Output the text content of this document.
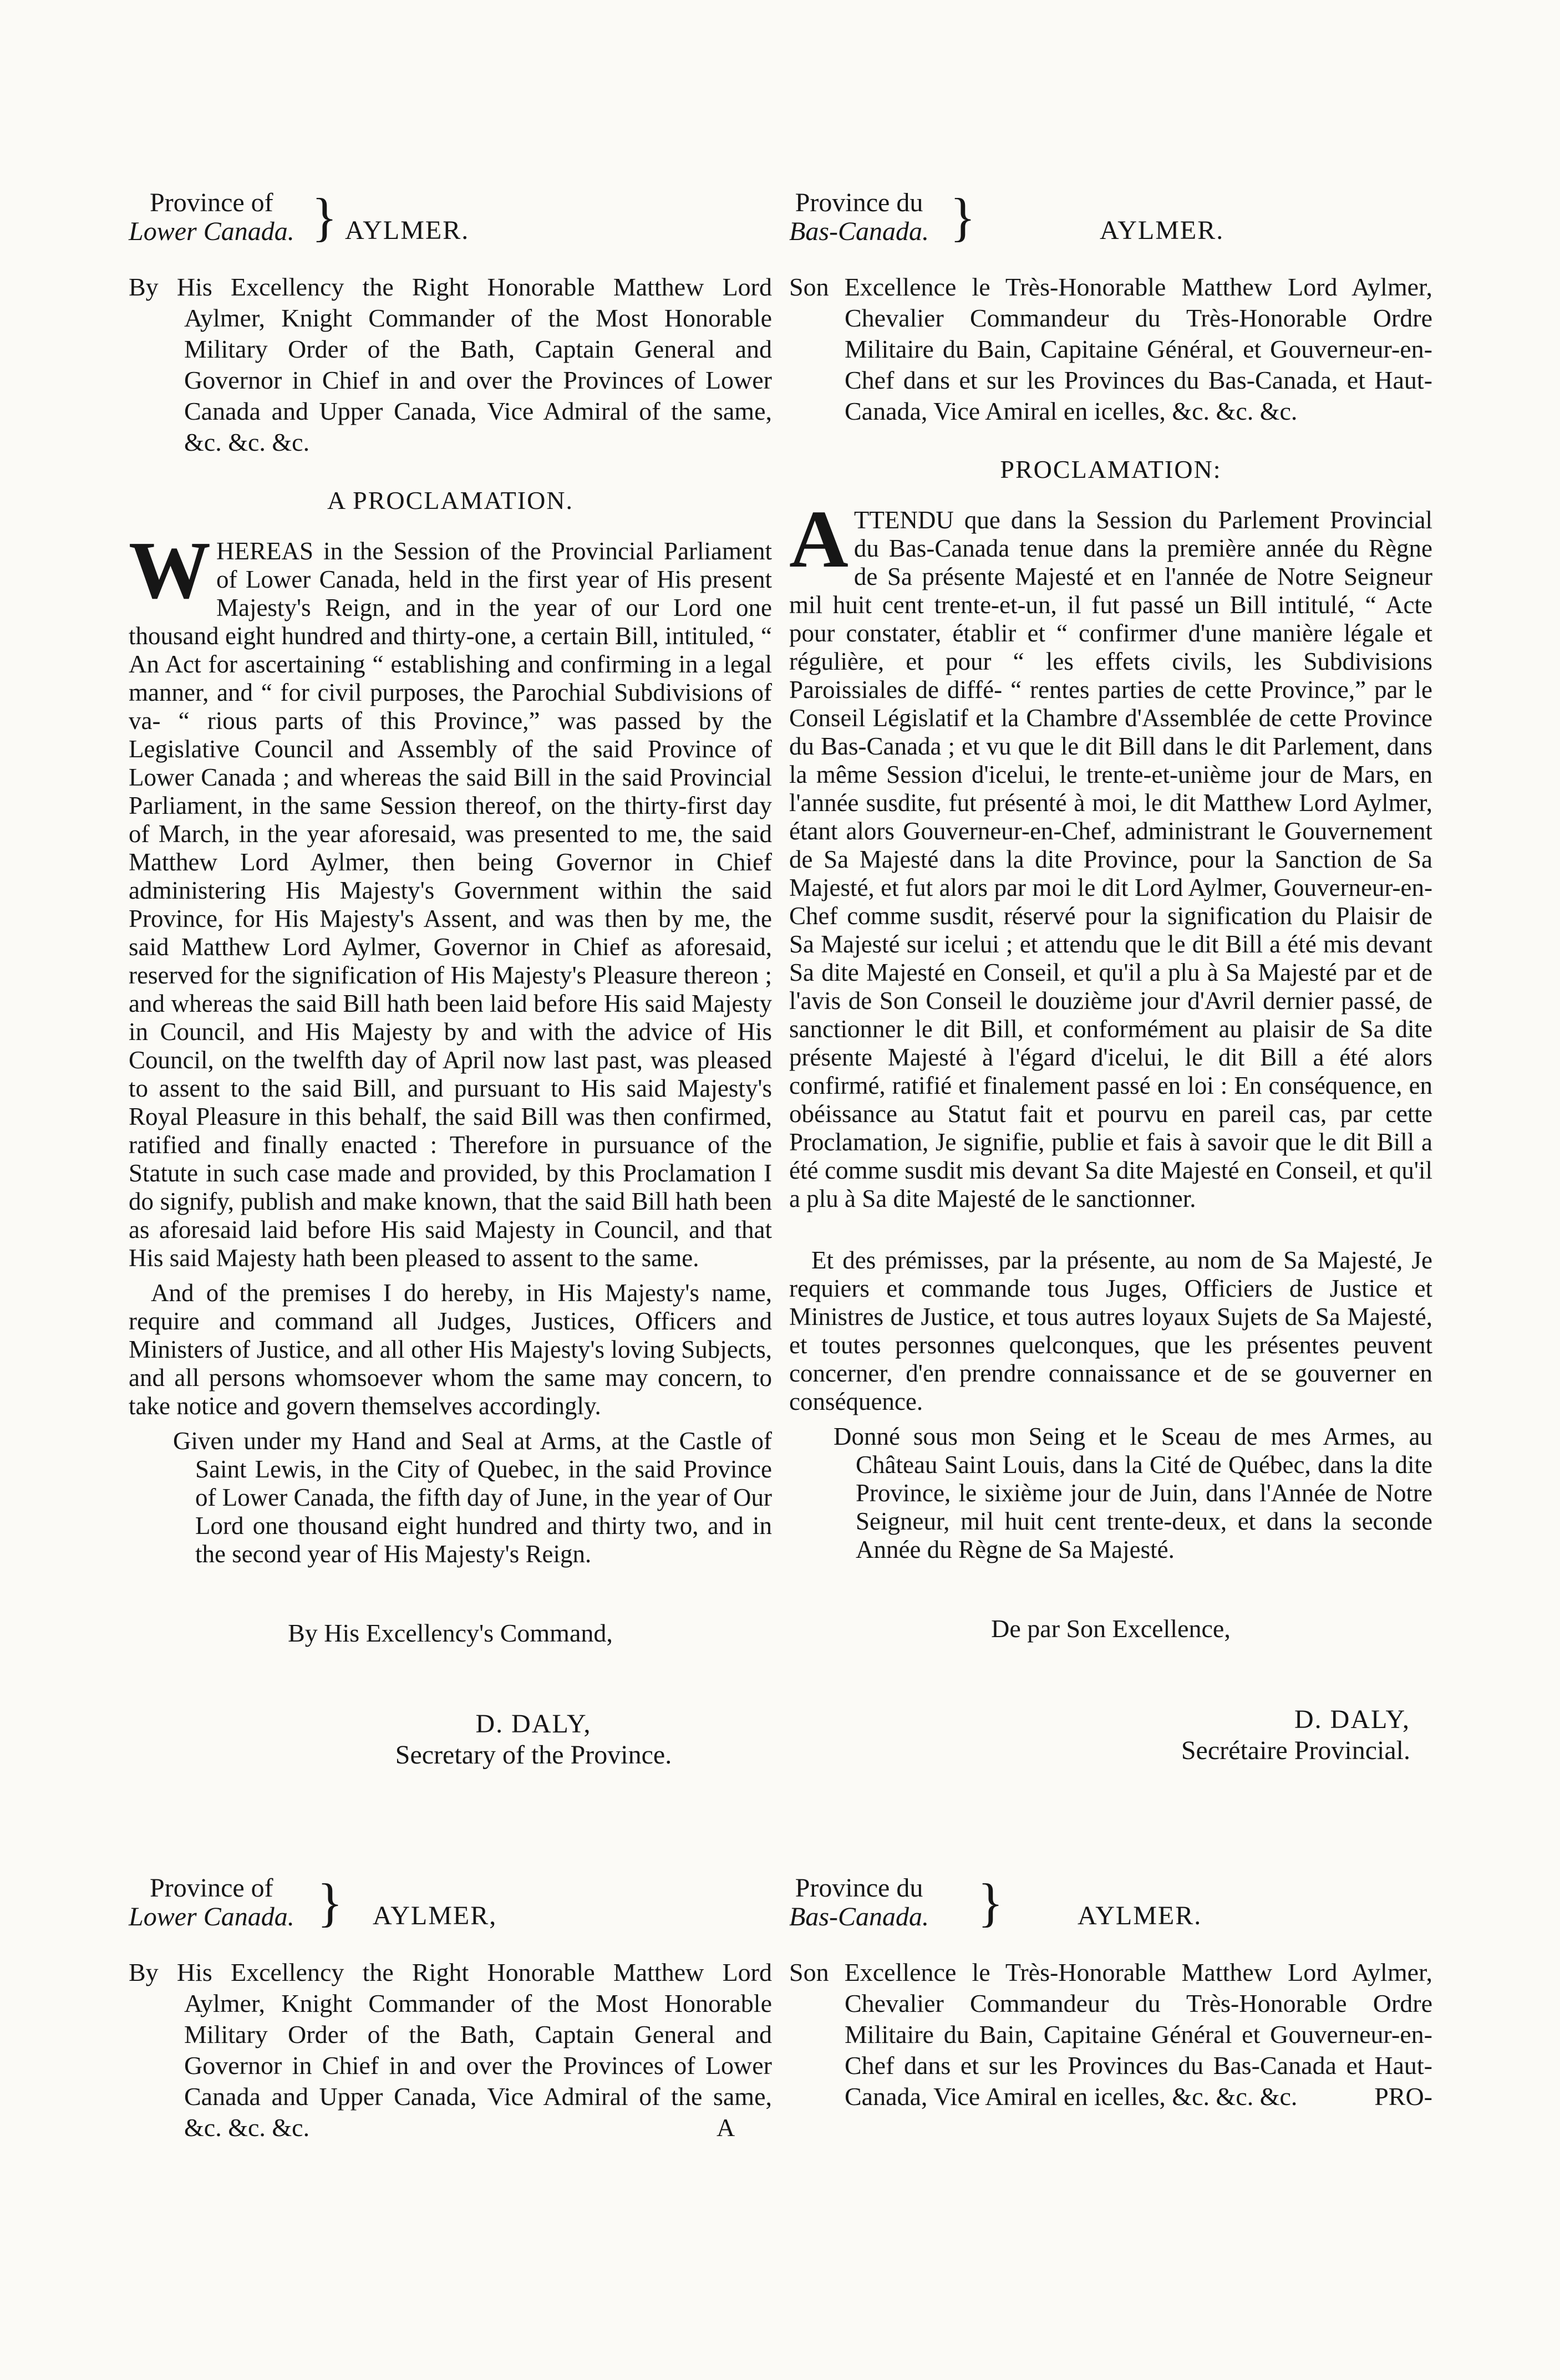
Province of
Lower Canada. } AYLMER.

By His Excellency the Right Honorable Matthew Lord Aylmer, Knight Commander of the Most Honorable Military Order of the Bath, Captain General and Governor in Chief in and over the Provinces of Lower Canada and Upper Canada, Vice Admiral of the same, &c. &c. &c.

A PROCLAMATION.

WHEREAS in the Session of the Provincial Parliament of Lower Canada, held in the first year of His present Majesty's Reign, and in the year of our Lord one thousand eight hundred and thirty-one, a certain Bill, intituled, “ An Act for ascertaining “ establishing and confirming in a legal manner, and “ for civil purposes, the Parochial Subdivisions of va- “ rious parts of this Province,” was passed by the Legislative Council and Assembly of the said Province of Lower Canada ; and whereas the said Bill in the said Provincial Parliament, in the same Session thereof, on the thirty-first day of March, in the year aforesaid, was presented to me, the said Matthew Lord Aylmer, then being Governor in Chief administering His Majesty's Government within the said Province, for His Majesty's Assent, and was then by me, the said Matthew Lord Aylmer, Governor in Chief as aforesaid, reserved for the signification of His Majesty's Pleasure thereon ; and whereas the said Bill hath been laid before His said Majesty in Council, and His Majesty by and with the advice of His Council, on the twelfth day of April now last past, was pleased to assent to the said Bill, and pursuant to His said Majesty's Royal Pleasure in this behalf, the said Bill was then confirmed, ratified and finally enacted : Therefore in pursuance of the Statute in such case made and provided, by this Proclamation I do signify, publish and make known, that the said Bill hath been as aforesaid laid before His said Majesty in Council, and that His said Majesty hath been pleased to assent to the same.

And of the premises I do hereby, in His Majesty's name, require and command all Judges, Justices, Officers and Ministers of Justice, and all other His Majesty's loving Subjects, and all persons whomsoever whom the same may concern, to take notice and govern themselves accordingly.

Given under my Hand and Seal at Arms, at the Castle of Saint Lewis, in the City of Quebec, in the said Province of Lower Canada, the fifth day of June, in the year of Our Lord one thousand eight hundred and thirty two, and in the second year of His Majesty's Reign.

By His Excellency's Command,
D. DALY,
Secretary of the Province.
Province du
Bas-Canada. }	AYLMER.

Son Excellence le Très-Honorable Matthew Lord Aylmer, Chevalier Commandeur du Très-Honorable Ordre Militaire du Bain, Capitaine Général, et Gouverneur-en-Chef dans et sur les Provinces du Bas-Canada, et Haut-Canada, Vice Amiral en icelles, &c. &c. &c.

PROCLAMATION:

ATTENDU que dans la Session du Parlement Provincial du Bas-Canada tenue dans la première année du Règne de Sa présente Majesté et en l'année de Notre Seigneur mil huit cent trente-et-un, il fut passé un Bill intitulé, “ Acte pour constater, établir et “ confirmer d'une manière légale et régulière, et pour “ les effets civils, les Subdivisions Paroissiales de diffé- “ rentes parties de cette Province,” par le Conseil Législatif et la Chambre d'Assemblée de cette Province du Bas-Canada ; et vu que le dit Bill dans le dit Parlement, dans la même Session d'icelui, le trente-et-unième jour de Mars, en l'année susdite, fut présenté à moi, le dit Matthew Lord Aylmer, étant alors Gouverneur-en-Chef, administrant le Gouvernement de Sa Majesté dans la dite Province, pour la Sanction de Sa Majesté, et fut alors par moi le dit Lord Aylmer, Gouverneur-en-Chef comme susdit, réservé pour la signification du Plaisir de Sa Majesté sur icelui ; et attendu que le dit Bill a été mis devant Sa dite Majesté en Conseil, et qu'il a plu à Sa Majesté par et de l'avis de Son Conseil le douzième jour d'Avril dernier passé, de sanctionner le dit Bill, et conformément au plaisir de Sa dite présente Majesté à l'égard d'icelui, le dit Bill a été alors confirmé, ratifié et finalement passé en loi : En conséquence, en obéissance au Statut fait et pourvu en pareil cas, par cette Proclamation, Je signifie, publie et fais à savoir que le dit Bill a été comme susdit mis devant Sa dite Majesté en Conseil, et qu'il a plu à Sa dite Majesté de le sanctionner.

Et des prémisses, par la présente, au nom de Sa Majesté, Je requiers et commande tous Juges, Officiers de Justice et Ministres de Justice, et tous autres loyaux Sujets de Sa Majesté, et toutes personnes quelconques, que les présentes peuvent concerner, d'en prendre connaissance et de se gouverner en conséquence.

Donné sous mon Seing et le Sceau de mes Armes, au Château Saint Louis, dans la Cité de Québec, dans la dite Province, le sixième jour de Juin, dans l'Année de Notre Seigneur, mil huit cent trente-deux, et dans la seconde Année du Règne de Sa Majesté.

De par Son Excellence,
D. DALY,
Secrétaire Provincial.
Province of
Lower Canada. } AYLMER,

By His Excellency the Right Honorable Matthew Lord Aylmer, Knight Commander of the Most Honorable Military Order of the Bath, Captain General and Governor in Chief in and over the Provinces of Lower Canada and Upper Canada, Vice Admiral of the same, &c. &c. &c.	A

Province du
Bas-Canada. }	AYLMER.

Son Excellence le Très-Honorable Matthew Lord Aylmer, Chevalier Commandeur du Très-Honorable Ordre Militaire du Bain, Capitaine Général et Gouverneur-en-Chef dans et sur les Provinces du Bas-Canada et Haut-Canada, Vice Amiral en icelles, &c. &c. &c.	PRO-
